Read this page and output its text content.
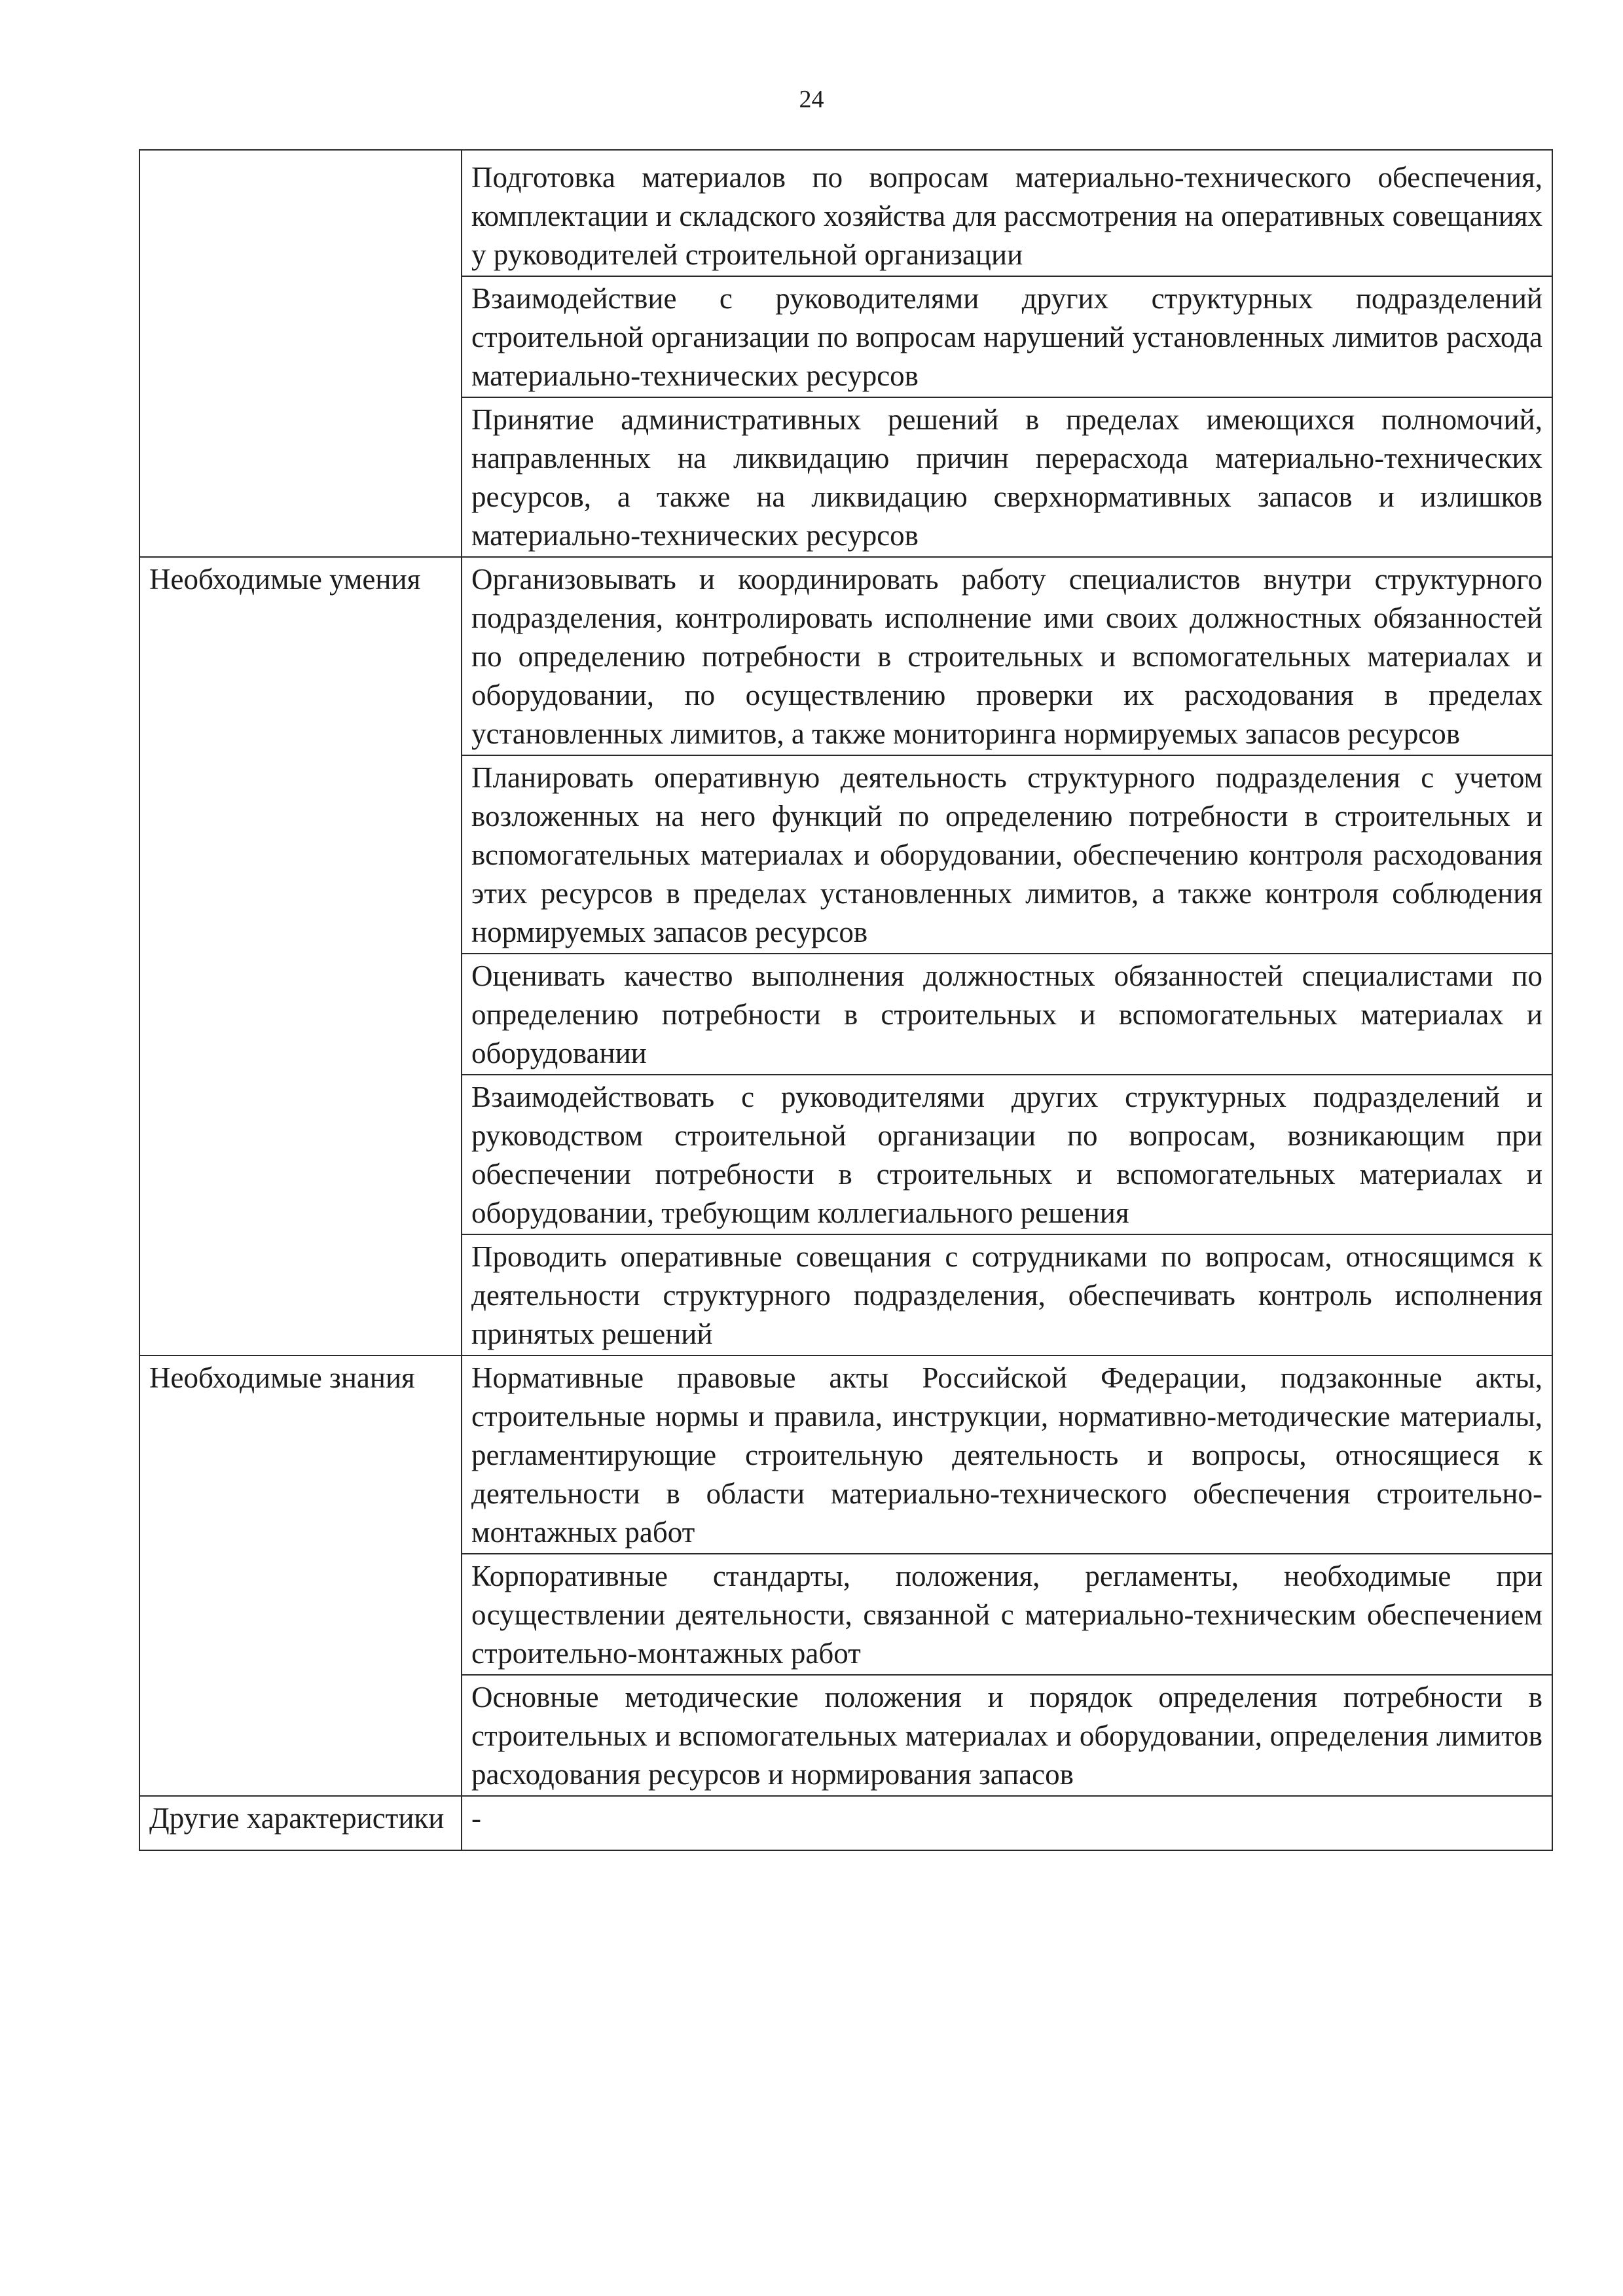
24
	Подготовка материалов по вопросам материально-технического обеспечения, комплектации и складского хозяйства для рассмотрения на оперативных совещаниях у руководителей строительной организации
	Взаимодействие с руководителями других структурных подразделений строительной организации по вопросам нарушений установленных лимитов расхода материально-технических ресурсов
	Принятие административных решений в пределах имеющихся полномочий, направленных на ликвидацию причин перерасхода материально-технических ресурсов, а также на ликвидацию сверхнормативных запасов и излишков материально-технических ресурсов
Необходимые умения	Организовывать и координировать работу специалистов внутри структурного подразделения, контролировать исполнение ими своих должностных обязанностей по определению потребности в строительных и вспомогательных материалах и оборудовании, по осуществлению проверки их расходования в пределах установленных лимитов, а также мониторинга нормируемых запасов ресурсов
	Планировать оперативную деятельность структурного подразделения с учетом возложенных на него функций по определению потребности в строительных и вспомогательных материалах и оборудовании, обеспечению контроля расходования этих ресурсов в пределах установленных лимитов, а также контроля соблюдения нормируемых запасов ресурсов
	Оценивать качество выполнения должностных обязанностей специалистами по определению потребности в строительных и вспомогательных материалах и оборудовании
	Взаимодействовать с руководителями других структурных подразделений и руководством строительной организации по вопросам, возникающим при обеспечении потребности в строительных и вспомогательных материалах и оборудовании, требующим коллегиального решения
	Проводить оперативные совещания с сотрудниками по вопросам, относящимся к деятельности структурного подразделения, обеспечивать контроль исполнения принятых решений
Необходимые знания	Нормативные правовые акты Российской Федерации, подзаконные акты, строительные нормы и правила, инструкции, нормативно-методические материалы, регламентирующие строительную деятельность и вопросы, относящиеся к деятельности в области материально-технического обеспечения строительно-монтажных работ
	Корпоративные стандарты, положения, регламенты, необходимые при осуществлении деятельности, связанной с материально-техническим обеспечением строительно-монтажных работ
	Основные методические положения и порядок определения потребности в строительных и вспомогательных материалах и оборудовании, определения лимитов расходования ресурсов и нормирования запасов
Другие характеристики	-
